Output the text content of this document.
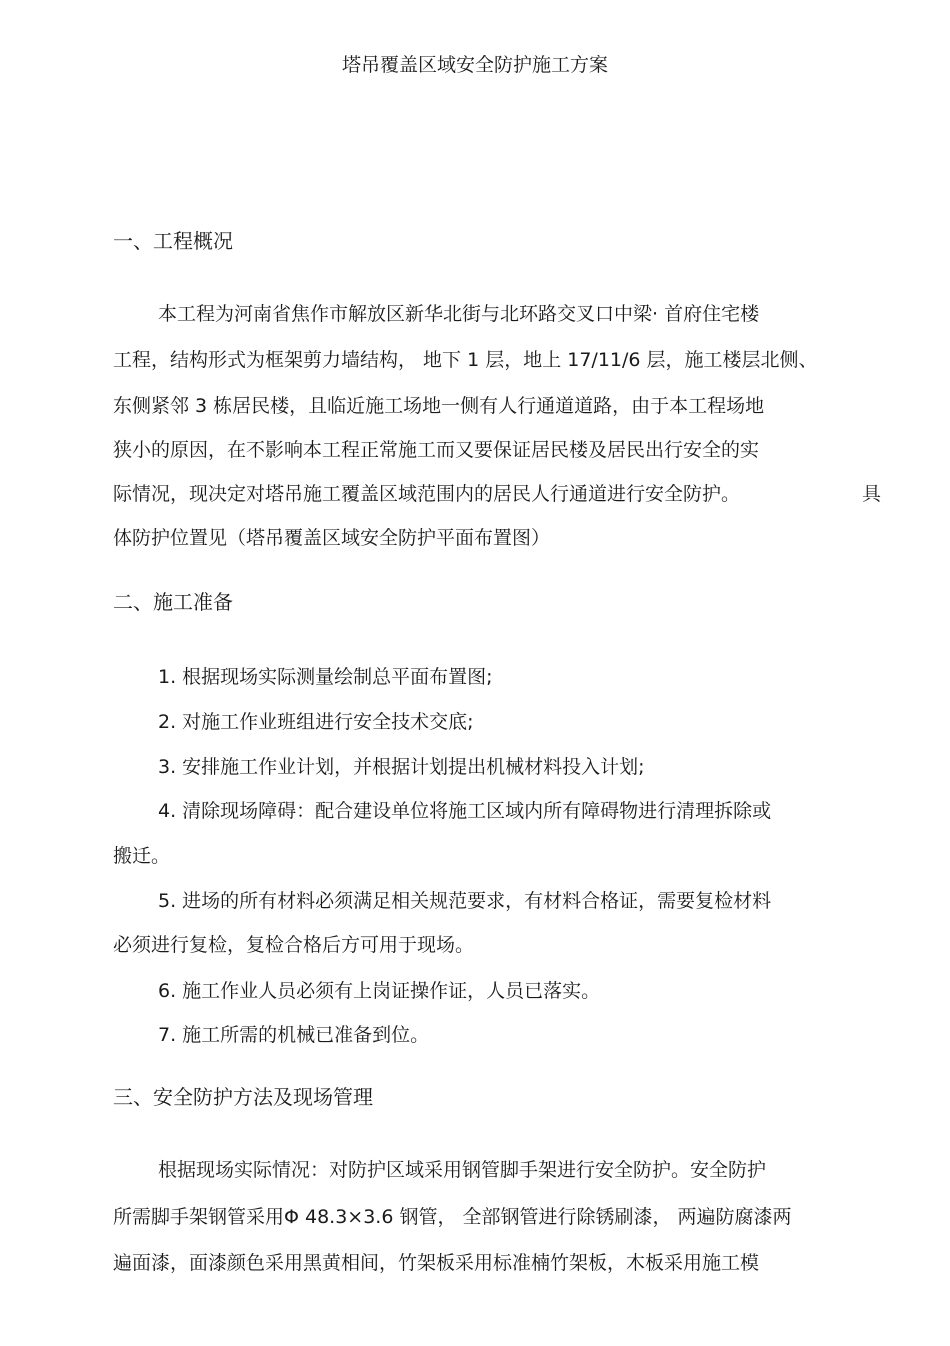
塔吊覆盖区域安全防护施工方案
一、工程概况
本工程为河南省焦作市解放区新华北街与北环路交叉口中梁· 首府住宅楼
工程，结构形式为框架剪力墙结构， 地下 1 层，地上 17/11/6 层，施工楼层北侧、
东侧紧邻 3 栋居民楼，且临近施工场地一侧有人行通道道路，由于本工程场地
狭小的原因，在不影响本工程正常施工而又要保证居民楼及居民出行安全的实
际情况，现决定对塔吊施工覆盖区域范围内的居民人行通道进行安全防护。	具
体防护位置见（塔吊覆盖区域安全防护平面布置图）
二、施工准备
1. 根据现场实际测量绘制总平面布置图;
2. 对施工作业班组进行安全技术交底;
3. 安排施工作业计划，并根据计划提出机械材料投入计划;
4. 清除现场障碍：配合建设单位将施工区域内所有障碍物进行清理拆除或
搬迁。
5. 进场的所有材料必须满足相关规范要求，有材料合格证，需要复检材料
必须进行复检，复检合格后方可用于现场。
6. 施工作业人员必须有上岗证操作证，人员已落实。
7. 施工所需的机械已准备到位。
三、安全防护方法及现场管理
根据现场实际情况：对防护区域采用钢管脚手架进行安全防护。安全防护
所需脚手架钢管采用Φ 48.3×3.6 钢管， 全部钢管进行除锈刷漆， 两遍防腐漆两
遍面漆，面漆颜色采用黑黄相间，竹架板采用标准楠竹架板，木板采用施工模
